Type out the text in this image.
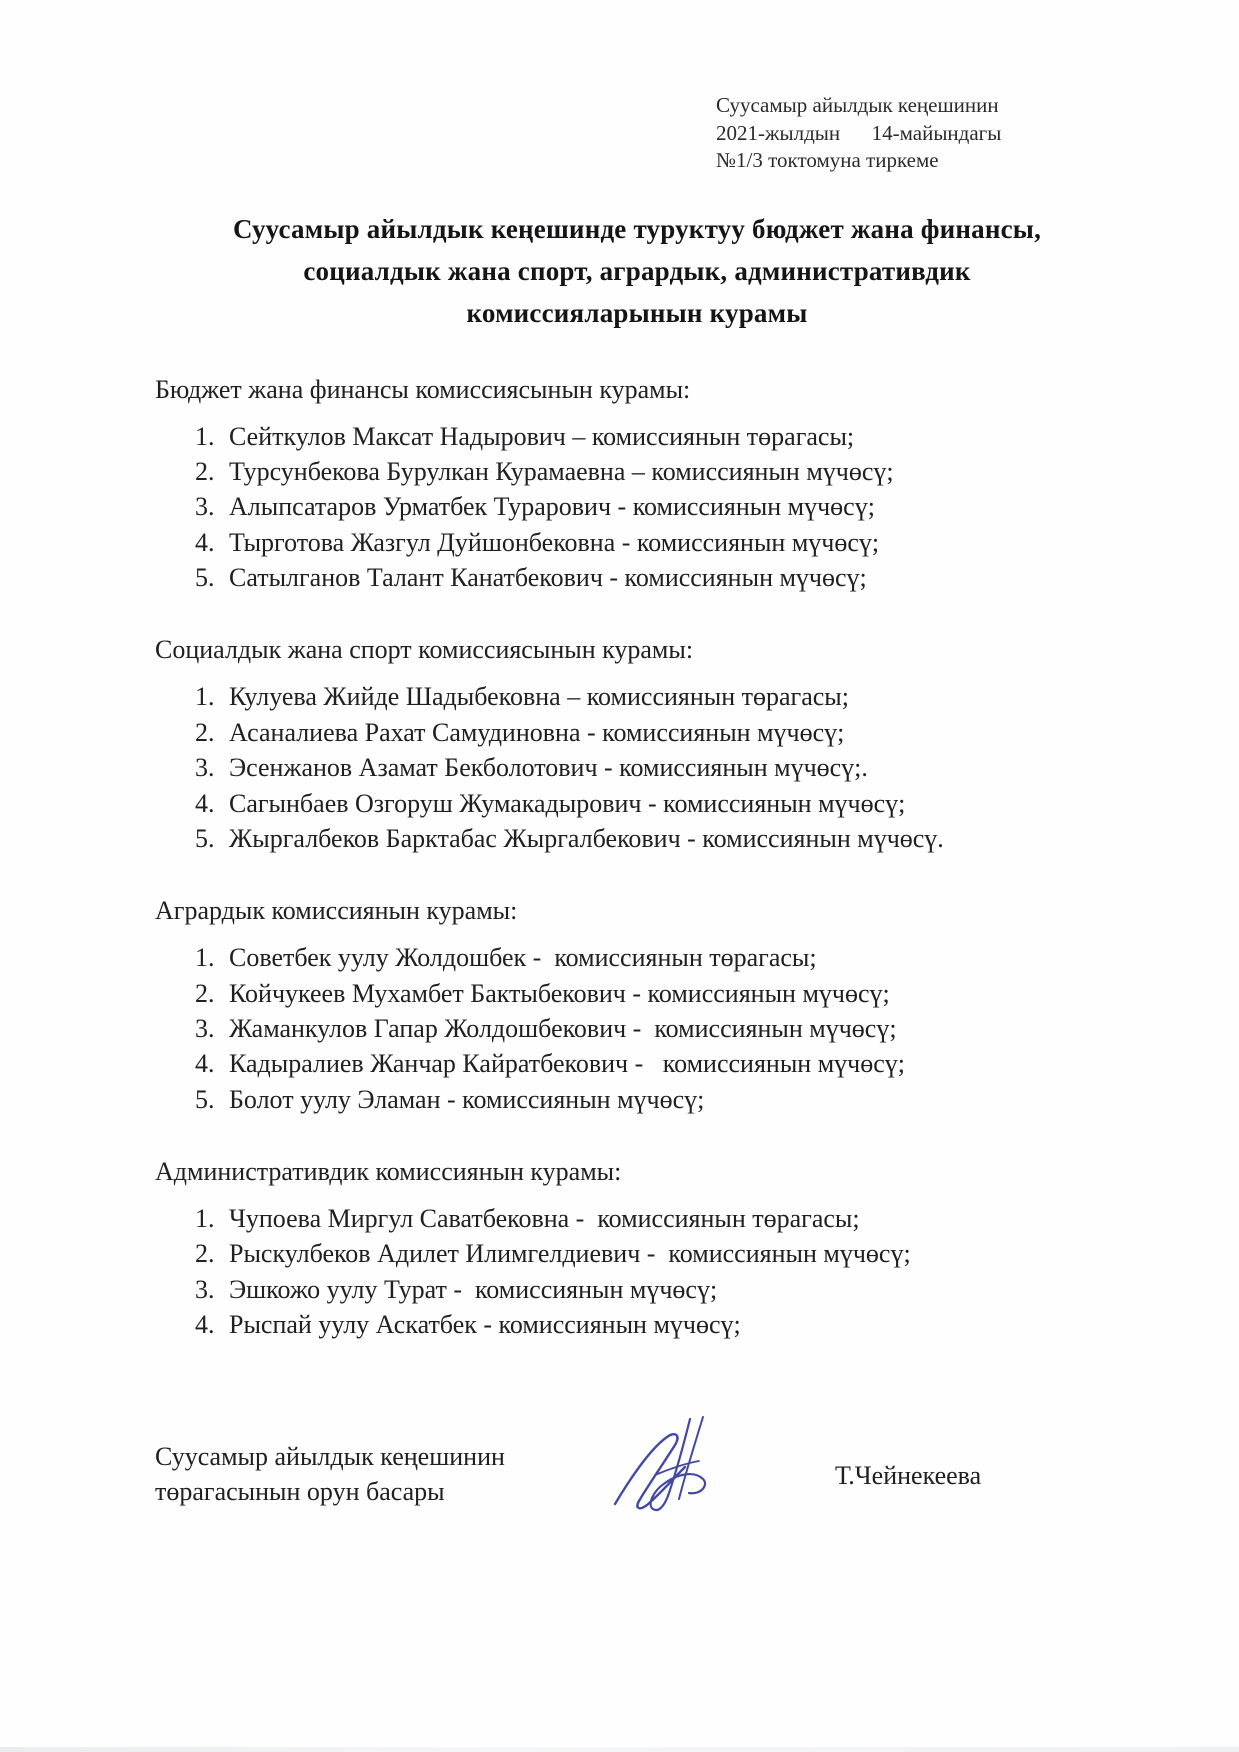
Суусамыр айылдык кеңешинин
2021-жылдын      14-майындагы
№1/3 токтомуна тиркеме
Суусамыр айылдык кеңешинде туруктуу бюджет жана финансы,
социалдык жана спорт, агрардык, административдик
комиссияларынын курамы
Бюджет жана финансы комиссиясынын курамы:
Сейткулов Максат Надырович – комиссиянын төрагасы;
Турсунбекова Бурулкан Курамаевна – комиссиянын мүчөсү;
Алыпсатаров Урматбек Турарович - комиссиянын мүчөсү;
Тырготова Жазгул Дуйшонбековна - комиссиянын мүчөсү;
Сатылганов Талант Канатбекович - комиссиянын мүчөсү;
Социалдык жана спорт комиссиясынын курамы:
Кулуева Жийде Шадыбековна – комиссиянын төрагасы;
Асаналиева Рахат Самудиновна - комиссиянын мүчөсү;
Эсенжанов Азамат Бекболотович - комиссиянын мүчөсү;.
Сагынбаев Озгоруш Жумакадырович - комиссиянын мүчөсү;
Жыргалбеков Барктабас Жыргалбекович - комиссиянын мүчөсү.
Агрардык комиссиянын курамы:
Советбек уулу Жолдошбек -  комиссиянын төрагасы;
Койчукеев Мухамбет Бактыбекович - комиссиянын мүчөсү;
Жаманкулов Гапар Жолдошбекович -  комиссиянын мүчөсү;
Кадыралиев Жанчар Кайратбекович -   комиссиянын мүчөсү;
Болот уулу Эламан - комиссиянын мүчөсү;
Административдик комиссиянын курамы:
Чупоева Миргул Саватбековна -  комиссиянын төрагасы;
Рыскулбеков Адилет Илимгелдиевич -  комиссиянын мүчөсү;
Эшкожо уулу Турат -  комиссиянын мүчөсү;
Рыспай уулу Аскатбек - комиссиянын мүчөсү;
Суусамыр айылдык кеңешинин
төрагасынын орун басары
Т.Чейнекеева
